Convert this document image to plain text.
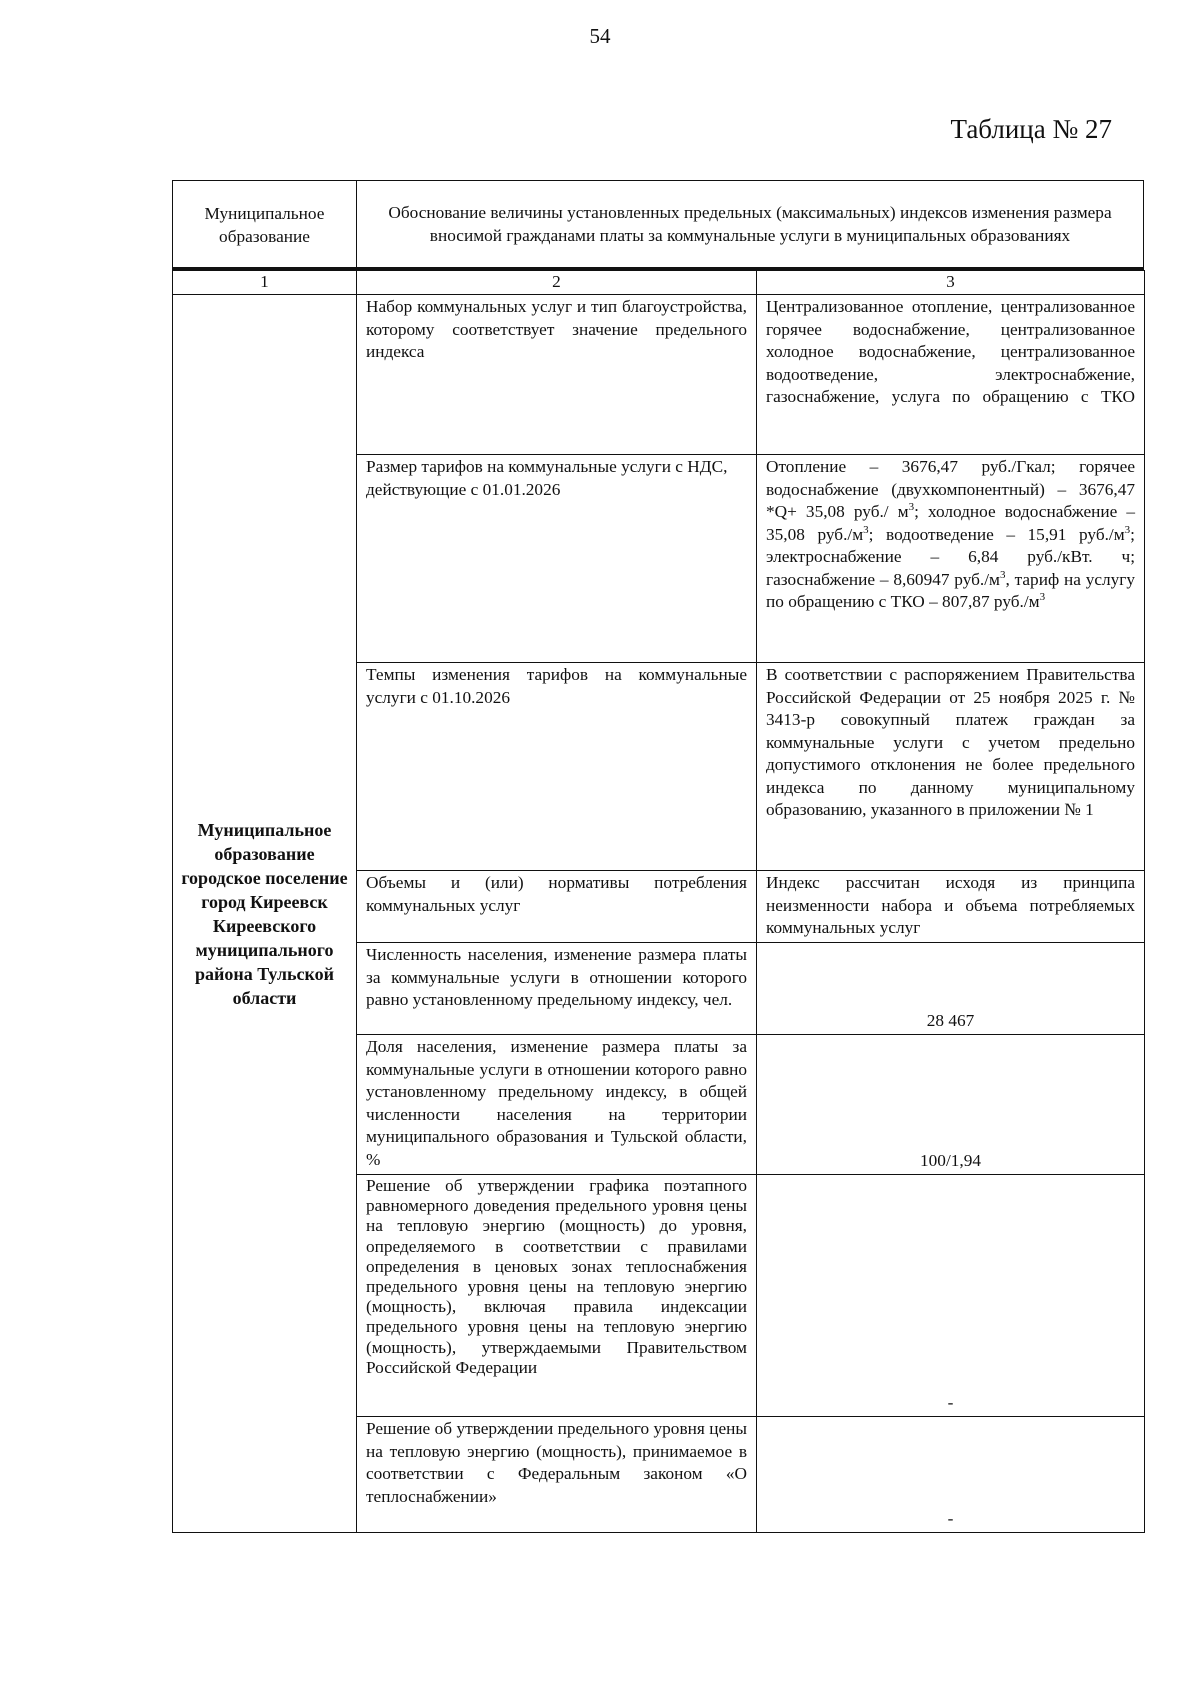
54
Таблица № 27
Муниципальное образование	Обоснование величины установленных предельных (максимальных) индексов изменения размера вносимой гражданами платы за коммунальные услуги в муниципальных образованиях
1	2	3
Муниципальное образование городское поселение город Киреевск Киреевского муниципального района Тульской области	Набор коммунальных услуг и тип благоустройства, которому соответствует значение предельного индекса	Централизованное отопление, централизованное горячее водоснабжение, централизованное холодное водоснабжение, централизованное водоотведение, электроснабжение, газоснабжение, услуга по обращению с ТКО
	Размер тарифов на коммунальные услуги с НДС, действующие с 01.01.2026	Отопление – 3676,47 руб./Гкал; горячее водоснабжение (двухкомпонентный) – 3676,47 *Q+ 35,08 руб./ $м^3$; холодное водоснабжение – 35,08 $руб./м^3$; водоотведение – 15,91 $руб./м^3$; электроснабжение – 6,84 руб./кВт. ч; газоснабжение – 8,60947 $руб./м^3$, тариф на услугу по обращению с ТКО – 807,87 $руб./м^3$
	Темпы изменения тарифов на коммунальные услуги с 01.10.2026	В соответствии с распоряжением Правительства Российской Федерации от 25 ноября 2025 г. № 3413-р совокупный платеж граждан за коммунальные услуги с учетом предельно допустимого отклонения не более предельного индекса по данному муниципальному образованию, указанного в приложении № 1
	Объемы и (или) нормативы потребления коммунальных услуг	Индекс рассчитан исходя из принципа неизменности набора и объема потребляемых коммунальных услуг
	Численность населения, изменение размера платы за коммунальные услуги в отношении которого равно установленному предельному индексу, чел.	28 467
	Доля населения, изменение размера платы за коммунальные услуги в отношении которого равно установленному предельному индексу, в общей численности населения на территории муниципального образования и Тульской области, %	100/1,94
	Решение об утверждении графика поэтапного равномерного доведения предельного уровня цены на тепловую энергию (мощность) до уровня, определяемого в соответствии с правилами определения в ценовых зонах теплоснабжения предельного уровня цены на тепловую энергию (мощность), включая правила индексации предельного уровня цены на тепловую энергию (мощность), утверждаемыми Правительством Российской Федерации	-
	Решение об утверждении предельного уровня цены на тепловую энергию (мощность), принимаемое в соответствии с Федеральным законом «О теплоснабжении»	-
